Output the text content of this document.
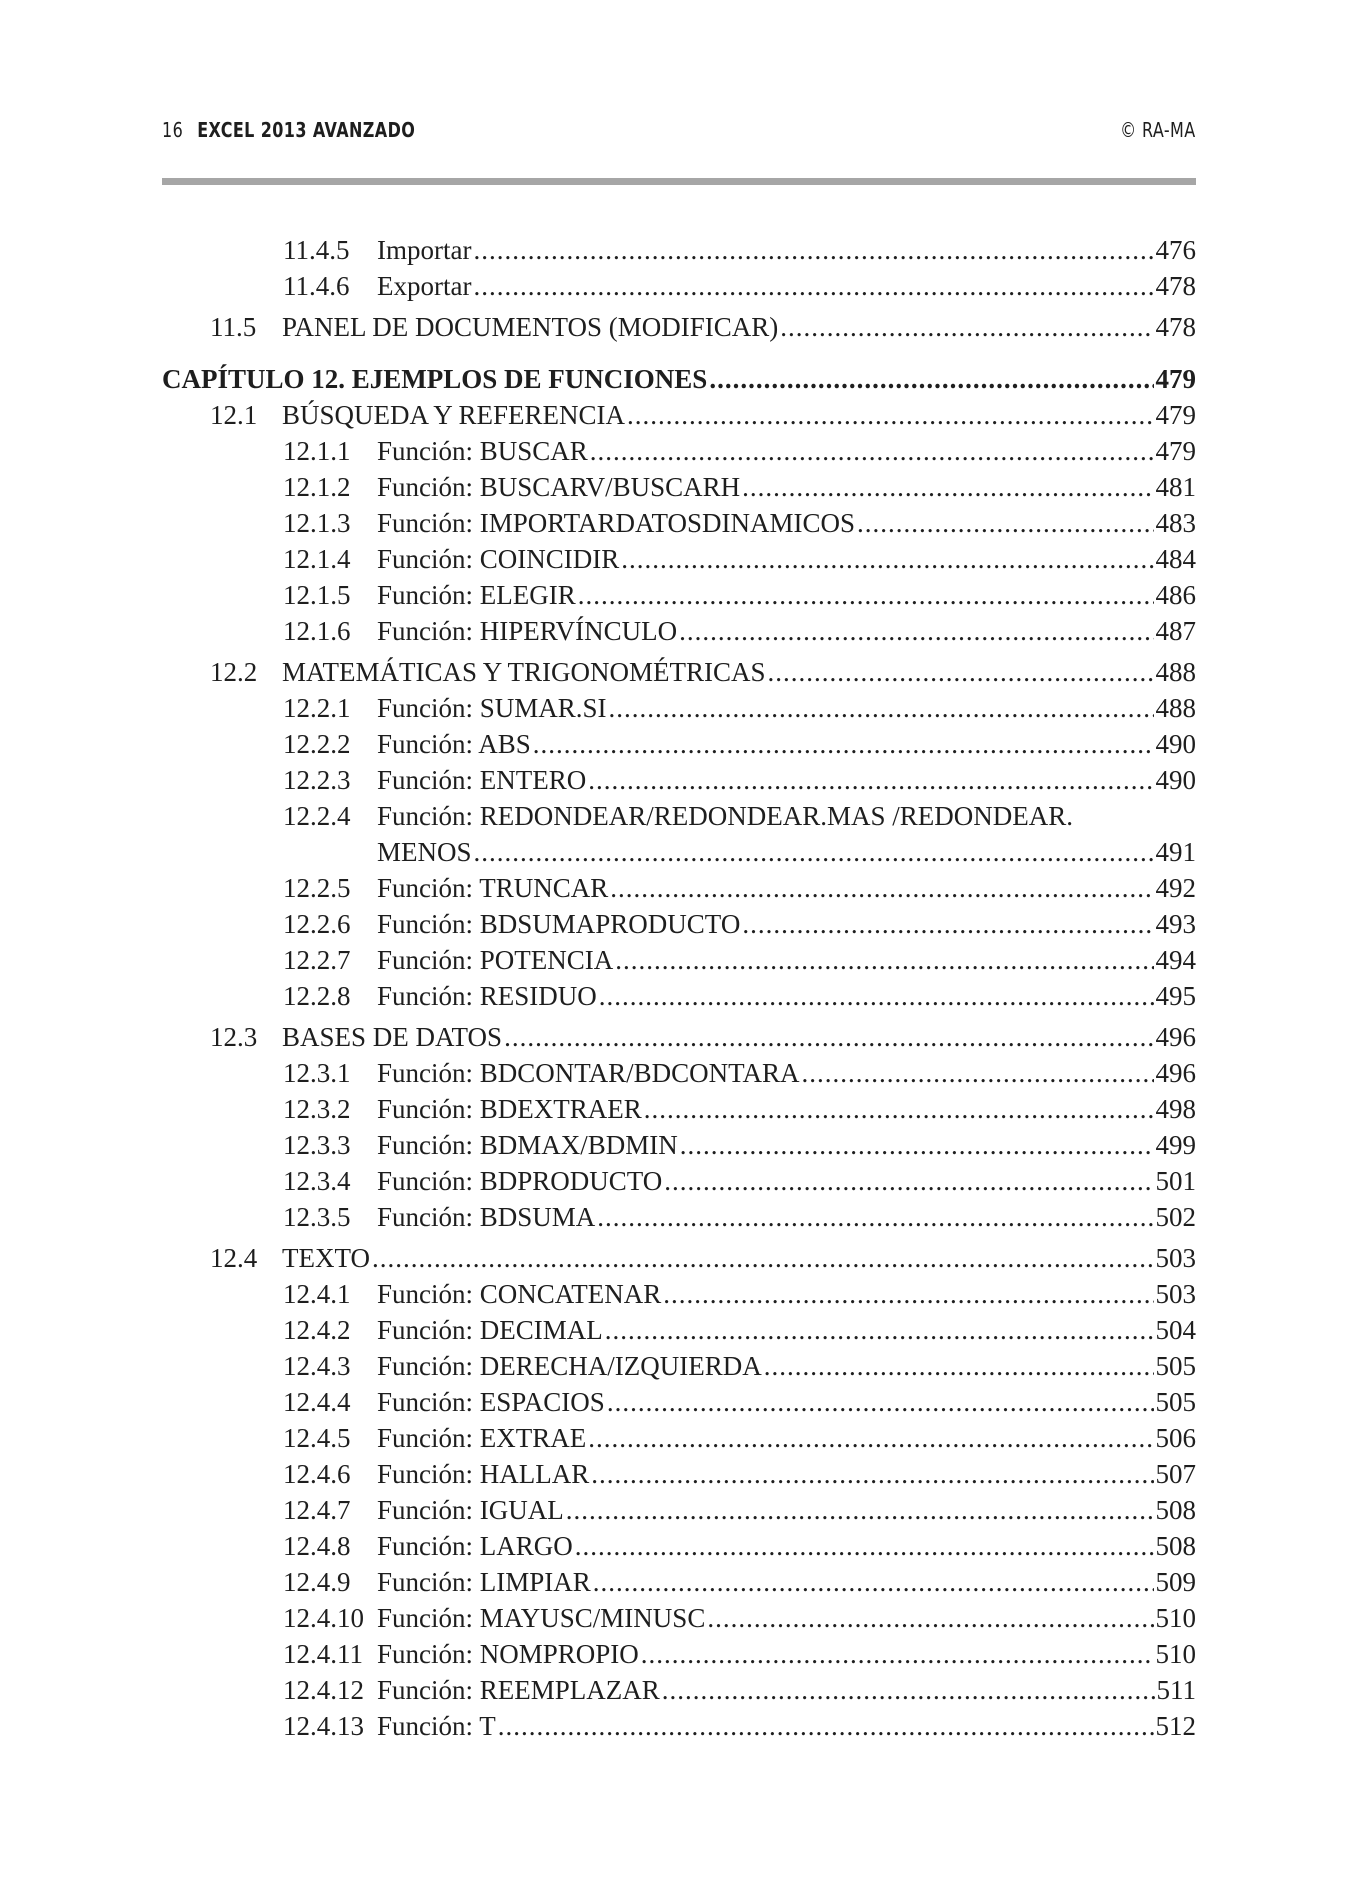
16 EXCEL 2013 AVANZADO	© RA-MA
11.4.5 Importar .....	476
11.4.6 Exportar .....	478
11.5 PANEL DE DOCUMENTOS (MODIFICAR) .....	478
CAPÍTULO 12. EJEMPLOS DE FUNCIONES .....	479
12.1 BÚSQUEDA Y REFERENCIA .....	479
12.1.1 Función: BUSCAR .....	479
12.1.2 Función: BUSCARV/BUSCARH .....	481
12.1.3 Función: IMPORTARDATOSDINAMICOS .....	483
12.1.4 Función: COINCIDIR .....	484
12.1.5 Función: ELEGIR .....	486
12.1.6 Función: HIPERVÍNCULO .....	487
12.2 MATEMÁTICAS Y TRIGONOMÉTRICAS .....	488
12.2.1 Función: SUMAR.SI .....	488
12.2.2 Función: ABS .....	490
12.2.3 Función: ENTERO .....	490
12.2.4 Función: REDONDEAR/REDONDEAR.MAS /REDONDEAR.
MENOS .....	491
12.2.5 Función: TRUNCAR .....	492
12.2.6 Función: BDSUMAPRODUCTO .....	493
12.2.7 Función: POTENCIA .....	494
12.2.8 Función: RESIDUO .....	495
12.3 BASES DE DATOS .....	496
12.3.1 Función: BDCONTAR/BDCONTARA .....	496
12.3.2 Función: BDEXTRAER .....	498
12.3.3 Función: BDMAX/BDMIN .....	499
12.3.4 Función: BDPRODUCTO .....	501
12.3.5 Función: BDSUMA .....	502
12.4 TEXTO .....	503
12.4.1 Función: CONCATENAR .....	503
12.4.2 Función: DECIMAL .....	504
12.4.3 Función: DERECHA/IZQUIERDA .....	505
12.4.4 Función: ESPACIOS .....	505
12.4.5 Función: EXTRAE .....	506
12.4.6 Función: HALLAR .....	507
12.4.7 Función: IGUAL .....	508
12.4.8 Función: LARGO .....	508
12.4.9 Función: LIMPIAR .....	509
12.4.10 Función: MAYUSC/MINUSC .....	510
12.4.11 Función: NOMPROPIO .....	510
12.4.12 Función: REEMPLAZAR .....	511
12.4.13 Función: T .....	512
